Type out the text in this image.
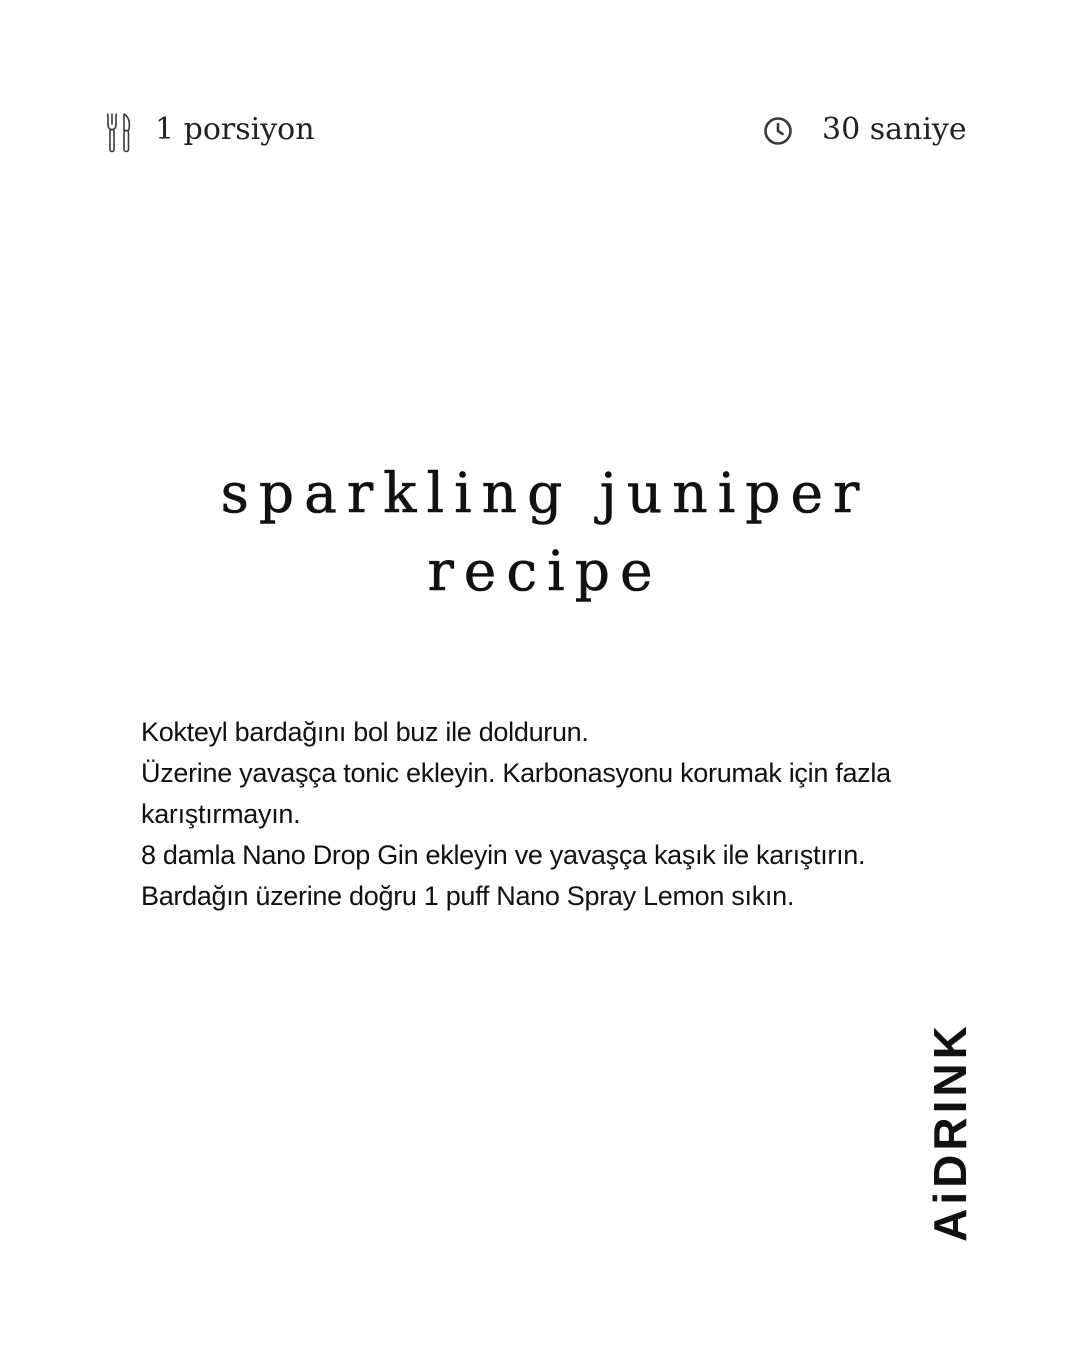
1 porsiyon	30 saniye
sparkling juniper
recipe
Kokteyl bardağını bol buz ile doldurun.
Üzerine yavaşça tonic ekleyin. Karbonasyonu korumak için fazla karıştırmayın.
8 damla Nano Drop Gin ekleyin ve yavaşça kaşık ile karıştırın.
Bardağın üzerine doğru 1 puff Nano Spray Lemon sıkın.
AiDRINK
